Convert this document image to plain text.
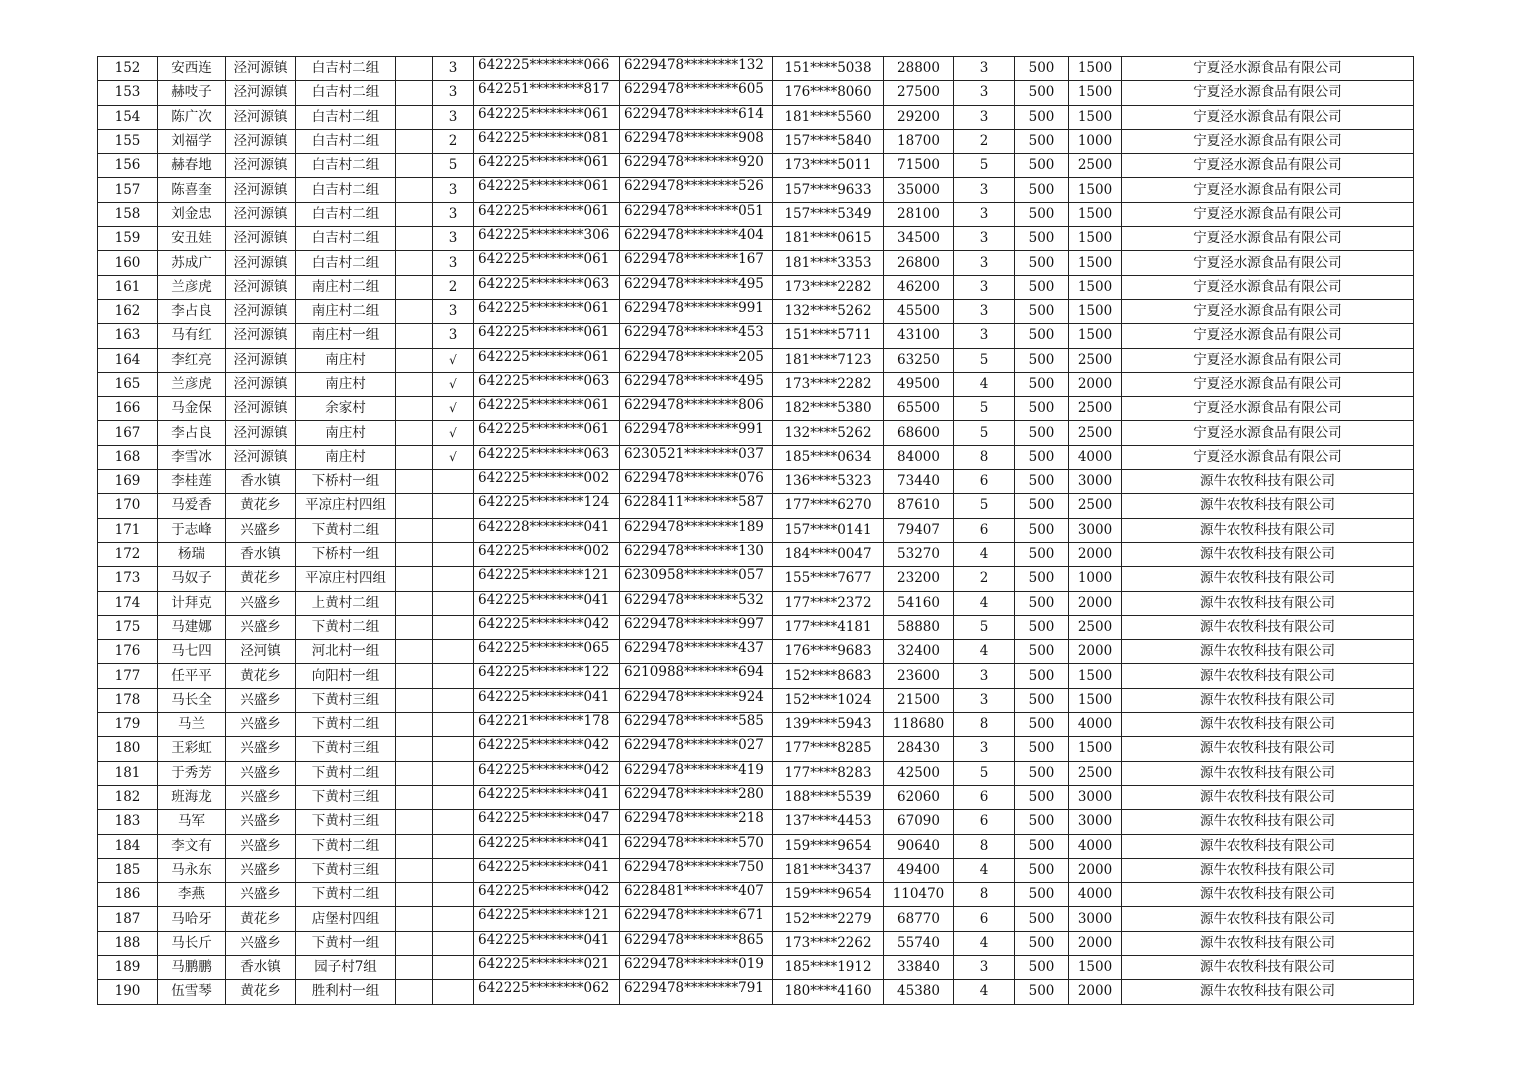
152	安西连	泾河源镇	白吉村二组		3	642225********066	6229478********132	151****5038	28800	3	500	1500	宁夏泾水源食品有限公司
153	赫吱子	泾河源镇	白吉村二组		3	642251********817	6229478********605	176****8060	27500	3	500	1500	宁夏泾水源食品有限公司
154	陈广次	泾河源镇	白吉村二组		3	642225********061	6229478********614	181****5560	29200	3	500	1500	宁夏泾水源食品有限公司
155	刘福学	泾河源镇	白吉村二组		2	642225********081	6229478********908	157****5840	18700	2	500	1000	宁夏泾水源食品有限公司
156	赫春地	泾河源镇	白吉村二组		5	642225********061	6229478********920	173****5011	71500	5	500	2500	宁夏泾水源食品有限公司
157	陈喜奎	泾河源镇	白吉村二组		3	642225********061	6229478********526	157****9633	35000	3	500	1500	宁夏泾水源食品有限公司
158	刘金忠	泾河源镇	白吉村二组		3	642225********061	6229478********051	157****5349	28100	3	500	1500	宁夏泾水源食品有限公司
159	安丑娃	泾河源镇	白吉村二组		3	642225********306	6229478********404	181****0615	34500	3	500	1500	宁夏泾水源食品有限公司
160	苏成广	泾河源镇	白吉村二组		3	642225********061	6229478********167	181****3353	26800	3	500	1500	宁夏泾水源食品有限公司
161	兰彦虎	泾河源镇	南庄村二组		2	642225********063	6229478********495	173****2282	46200	3	500	1500	宁夏泾水源食品有限公司
162	李占良	泾河源镇	南庄村二组		3	642225********061	6229478********991	132****5262	45500	3	500	1500	宁夏泾水源食品有限公司
163	马有红	泾河源镇	南庄村一组		3	642225********061	6229478********453	151****5711	43100	3	500	1500	宁夏泾水源食品有限公司
164	李红亮	泾河源镇	南庄村		√	642225********061	6229478********205	181****7123	63250	5	500	2500	宁夏泾水源食品有限公司
165	兰彦虎	泾河源镇	南庄村		√	642225********063	6229478********495	173****2282	49500	4	500	2000	宁夏泾水源食品有限公司
166	马金保	泾河源镇	余家村		√	642225********061	6229478********806	182****5380	65500	5	500	2500	宁夏泾水源食品有限公司
167	李占良	泾河源镇	南庄村		√	642225********061	6229478********991	132****5262	68600	5	500	2500	宁夏泾水源食品有限公司
168	李雪冰	泾河源镇	南庄村		√	642225********063	6230521********037	185****0634	84000	8	500	4000	宁夏泾水源食品有限公司
169	李桂莲	香水镇	下桥村一组			642225********002	6229478********076	136****5323	73440	6	500	3000	源牛农牧科技有限公司
170	马爱香	黄花乡	平凉庄村四组			642225********124	6228411********587	177****6270	87610	5	500	2500	源牛农牧科技有限公司
171	于志峰	兴盛乡	下黄村二组			642228********041	6229478********189	157****0141	79407	6	500	3000	源牛农牧科技有限公司
172	杨瑞	香水镇	下桥村一组			642225********002	6229478********130	184****0047	53270	4	500	2000	源牛农牧科技有限公司
173	马奴子	黄花乡	平凉庄村四组			642225********121	6230958********057	155****7677	23200	2	500	1000	源牛农牧科技有限公司
174	计拜克	兴盛乡	上黄村二组			642225********041	6229478********532	177****2372	54160	4	500	2000	源牛农牧科技有限公司
175	马建娜	兴盛乡	下黄村二组			642225********042	6229478********997	177****4181	58880	5	500	2500	源牛农牧科技有限公司
176	马七四	泾河镇	河北村一组			642225********065	6229478********437	176****9683	32400	4	500	2000	源牛农牧科技有限公司
177	任平平	黄花乡	向阳村一组			642225********122	6210988********694	152****8683	23600	3	500	1500	源牛农牧科技有限公司
178	马长全	兴盛乡	下黄村三组			642225********041	6229478********924	152****1024	21500	3	500	1500	源牛农牧科技有限公司
179	马兰	兴盛乡	下黄村二组			642221********178	6229478********585	139****5943	118680	8	500	4000	源牛农牧科技有限公司
180	王彩虹	兴盛乡	下黄村三组			642225********042	6229478********027	177****8285	28430	3	500	1500	源牛农牧科技有限公司
181	于秀芳	兴盛乡	下黄村二组			642225********042	6229478********419	177****8283	42500	5	500	2500	源牛农牧科技有限公司
182	班海龙	兴盛乡	下黄村三组			642225********041	6229478********280	188****5539	62060	6	500	3000	源牛农牧科技有限公司
183	马军	兴盛乡	下黄村三组			642225********047	6229478********218	137****4453	67090	6	500	3000	源牛农牧科技有限公司
184	李文有	兴盛乡	下黄村二组			642225********041	6229478********570	159****9654	90640	8	500	4000	源牛农牧科技有限公司
185	马永东	兴盛乡	下黄村三组			642225********041	6229478********750	181****3437	49400	4	500	2000	源牛农牧科技有限公司
186	李燕	兴盛乡	下黄村二组			642225********042	6228481********407	159****9654	110470	8	500	4000	源牛农牧科技有限公司
187	马哈牙	黄花乡	店堡村四组			642225********121	6229478********671	152****2279	68770	6	500	3000	源牛农牧科技有限公司
188	马长斤	兴盛乡	下黄村一组			642225********041	6229478********865	173****2262	55740	4	500	2000	源牛农牧科技有限公司
189	马鹏鹏	香水镇	园子村7组			642225********021	6229478********019	185****1912	33840	3	500	1500	源牛农牧科技有限公司
190	伍雪琴	黄花乡	胜利村一组			642225********062	6229478********791	180****4160	45380	4	500	2000	源牛农牧科技有限公司
